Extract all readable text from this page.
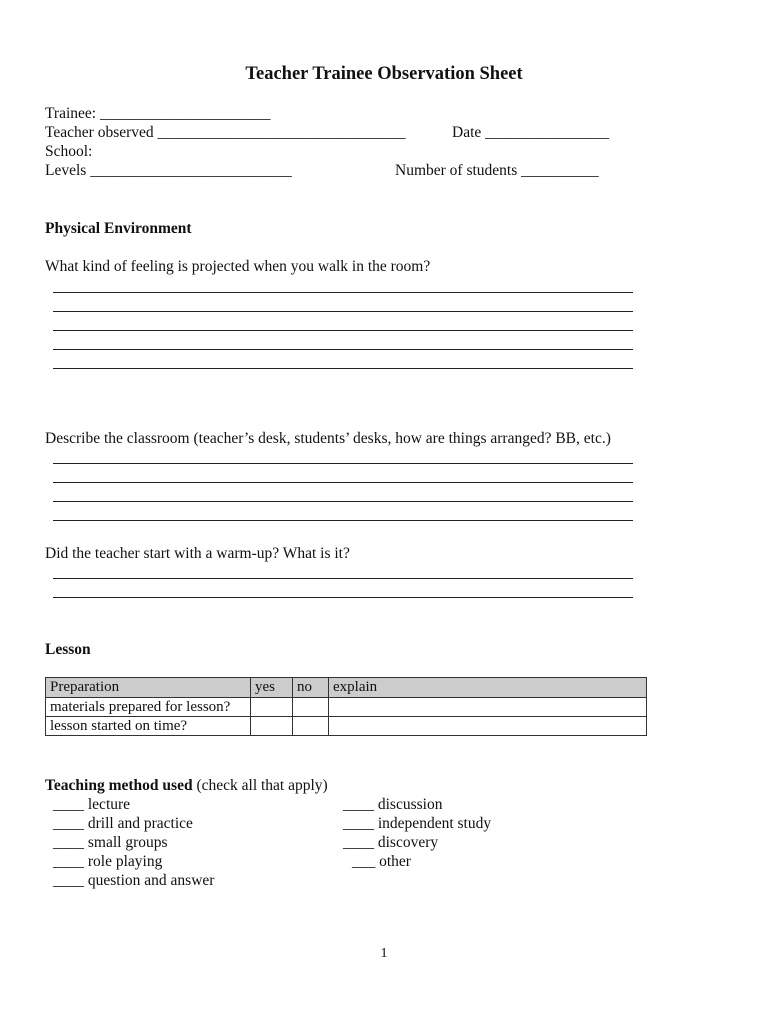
Teacher Trainee Observation Sheet
Trainee: ______________________
Teacher observed ________________________________	Date ________________
School:
Levels __________________________	Number of students __________
Physical Environment
What kind of feeling is projected when you walk in the room?
Describe the classroom (teacher’s desk, students’ desks, how are things arranged? BB, etc.)
Did the teacher start with a warm-up? What is it?
Lesson
Preparation	yes	no	explain
materials prepared for lesson?			
lesson started on time?			
Teaching method used (check all that apply)
____ lecture
____ drill and practice
____ small groups
____ role playing
____ question and answer
____ discussion
____ independent study
____ discovery
___ other
1
